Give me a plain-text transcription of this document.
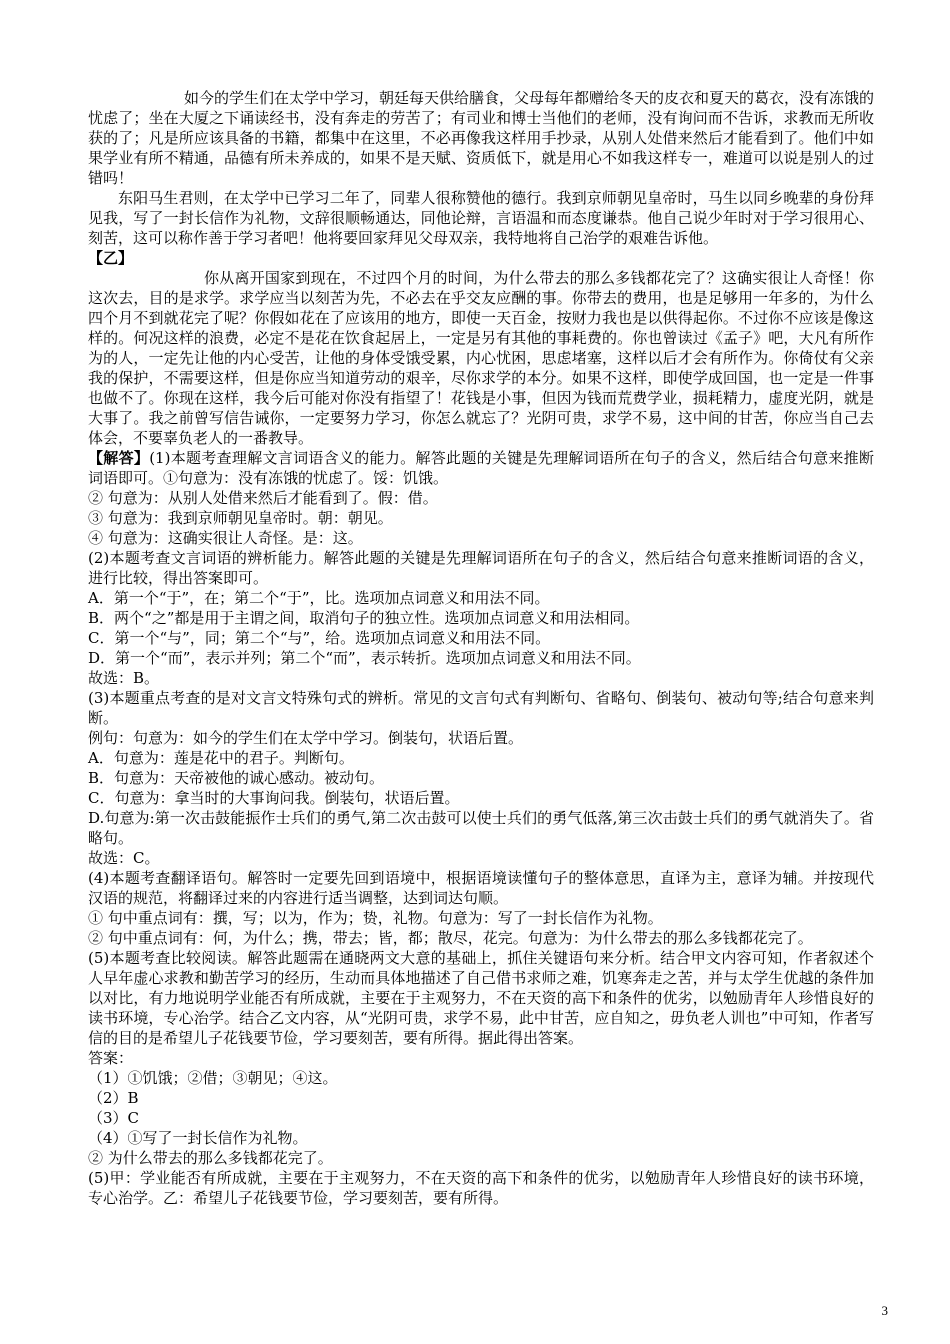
如今的学生们在太学中学习，朝廷每天供给膳食，父母每年都赠给冬天的皮衣和夏天的葛衣，没有冻饿的忧虑了；坐在大厦之下诵读经书，没有奔走的劳苦了；有司业和博士当他们的老师，没有询问而不告诉，求教而无所收获的了；凡是所应该具备的书籍，都集中在这里，不必再像我这样用手抄录，从别人处借来然后才能看到了。他们中如果学业有所不精通，品德有所未养成的，如果不是天赋、资质低下，就是用心不如我这样专一，难道可以说是别人的过错吗！

东阳马生君则，在太学中已学习二年了，同辈人很称赞他的德行。我到京师朝见皇帝时，马生以同乡晚辈的身份拜见我，写了一封长信作为礼物，文辞很顺畅通达，同他论辩，言语温和而态度谦恭。他自己说少年时对于学习很用心、刻苦，这可以称作善于学习者吧！他将要回家拜见父母双亲，我特地将自己治学的艰难告诉他。

【乙】

你从离开国家到现在，不过四个月的时间，为什么带去的那么多钱都花完了？这确实很让人奇怪！你这次去，目的是求学。求学应当以刻苦为先，不必去在乎交友应酬的事。你带去的费用，也是足够用一年多的，为什么四个月不到就花完了呢？你假如花在了应该用的地方，即使一天百金，按财力我也是以供得起你。不过你不应该是像这样的。何况这样的浪费，必定不是花在饮食起居上，一定是另有其他的事耗费的。你也曾读过《孟子》吧，大凡有所作为的人，一定先让他的内心受苦，让他的身体受饿受累，内心忧困，思虑堵塞，这样以后才会有所作为。你倚仗有父亲我的保护，不需要这样，但是你应当知道劳动的艰辛，尽你求学的本分。如果不这样，即使学成回国，也一定是一件事也做不了。你现在这样，我今后可能对你没有指望了！花钱是小事，但因为钱而荒费学业，损耗精力，虚度光阴，就是大事了。我之前曾写信告诫你，一定要努力学习，你怎么就忘了？光阴可贵，求学不易，这中间的甘苦，你应当自己去体会，不要辜负老人的一番教导。

【解答】(1)本题考查理解文言词语含义的能力。解答此题的关键是先理解词语所在句子的含义，然后结合句意来推断词语即可。①句意为：没有冻饿的忧虑了。馁：饥饿。

② 句意为：从别人处借来然后才能看到了。假：借。

③ 句意为：我到京师朝见皇帝时。朝：朝见。

④ 句意为：这确实很让人奇怪。是：这。

(2)本题考查文言词语的辨析能力。解答此题的关键是先理解词语所在句子的含义，然后结合句意来推断词语的含义，进行比较，得出答案即可。

A．第一个“于”，在；第二个“于”，比。选项加点词意义和用法不同。

B．两个“之”都是用于主谓之间，取消句子的独立性。选项加点词意义和用法相同。

C．第一个“与”，同；第二个“与”，给。选项加点词意义和用法不同。

D．第一个“而”，表示并列；第二个“而”，表示转折。选项加点词意义和用法不同。

故选：B。

(3)本题重点考查的是对文言文特殊句式的辨析。常见的文言句式有判断句、省略句、倒装句、被动句等;结合句意来判断。

例句：句意为：如今的学生们在太学中学习。倒装句，状语后置。

A．句意为：莲是花中的君子。判断句。

B．句意为：天帝被他的诚心感动。被动句。

C．句意为：拿当时的大事询问我。倒装句，状语后置。

D.句意为:第一次击鼓能振作士兵们的勇气,第二次击鼓可以使士兵们的勇气低落,第三次击鼓士兵们的勇气就消失了。省略句。

故选：C。

(4)本题考查翻译语句。解答时一定要先回到语境中，根据语境读懂句子的整体意思，直译为主，意译为辅。并按现代汉语的规范，将翻译过来的内容进行适当调整，达到词达句顺。

① 句中重点词有：撰，写；以为，作为；贽，礼物。句意为：写了一封长信作为礼物。

② 句中重点词有：何，为什么；携，带去；皆，都；散尽，花完。句意为：为什么带去的那么多钱都花完了。

(5)本题考查比较阅读。解答此题需在通晓两文大意的基础上，抓住关键语句来分析。结合甲文内容可知，作者叙述个人早年虚心求教和勤苦学习的经历，生动而具体地描述了自己借书求师之难，饥寒奔走之苦，并与太学生优越的条件加以对比，有力地说明学业能否有所成就，主要在于主观努力，不在天资的高下和条件的优劣，以勉励青年人珍惜良好的读书环境，专心治学。结合乙文内容，从“光阴可贵，求学不易，此中甘苦，应自知之，毋负老人训也”中可知，作者写信的目的是希望儿子花钱要节俭，学习要刻苦，要有所得。据此得出答案。

答案：

（1）①饥饿；②借；③朝见；④这。

（2）B

（3）C

（4）①写了一封长信作为礼物。

② 为什么带去的那么多钱都花完了。

(5)甲：学业能否有所成就，主要在于主观努力，不在天资的高下和条件的优劣，以勉励青年人珍惜良好的读书环境，专心治学。乙：希望儿子花钱要节俭，学习要刻苦，要有所得。

3
